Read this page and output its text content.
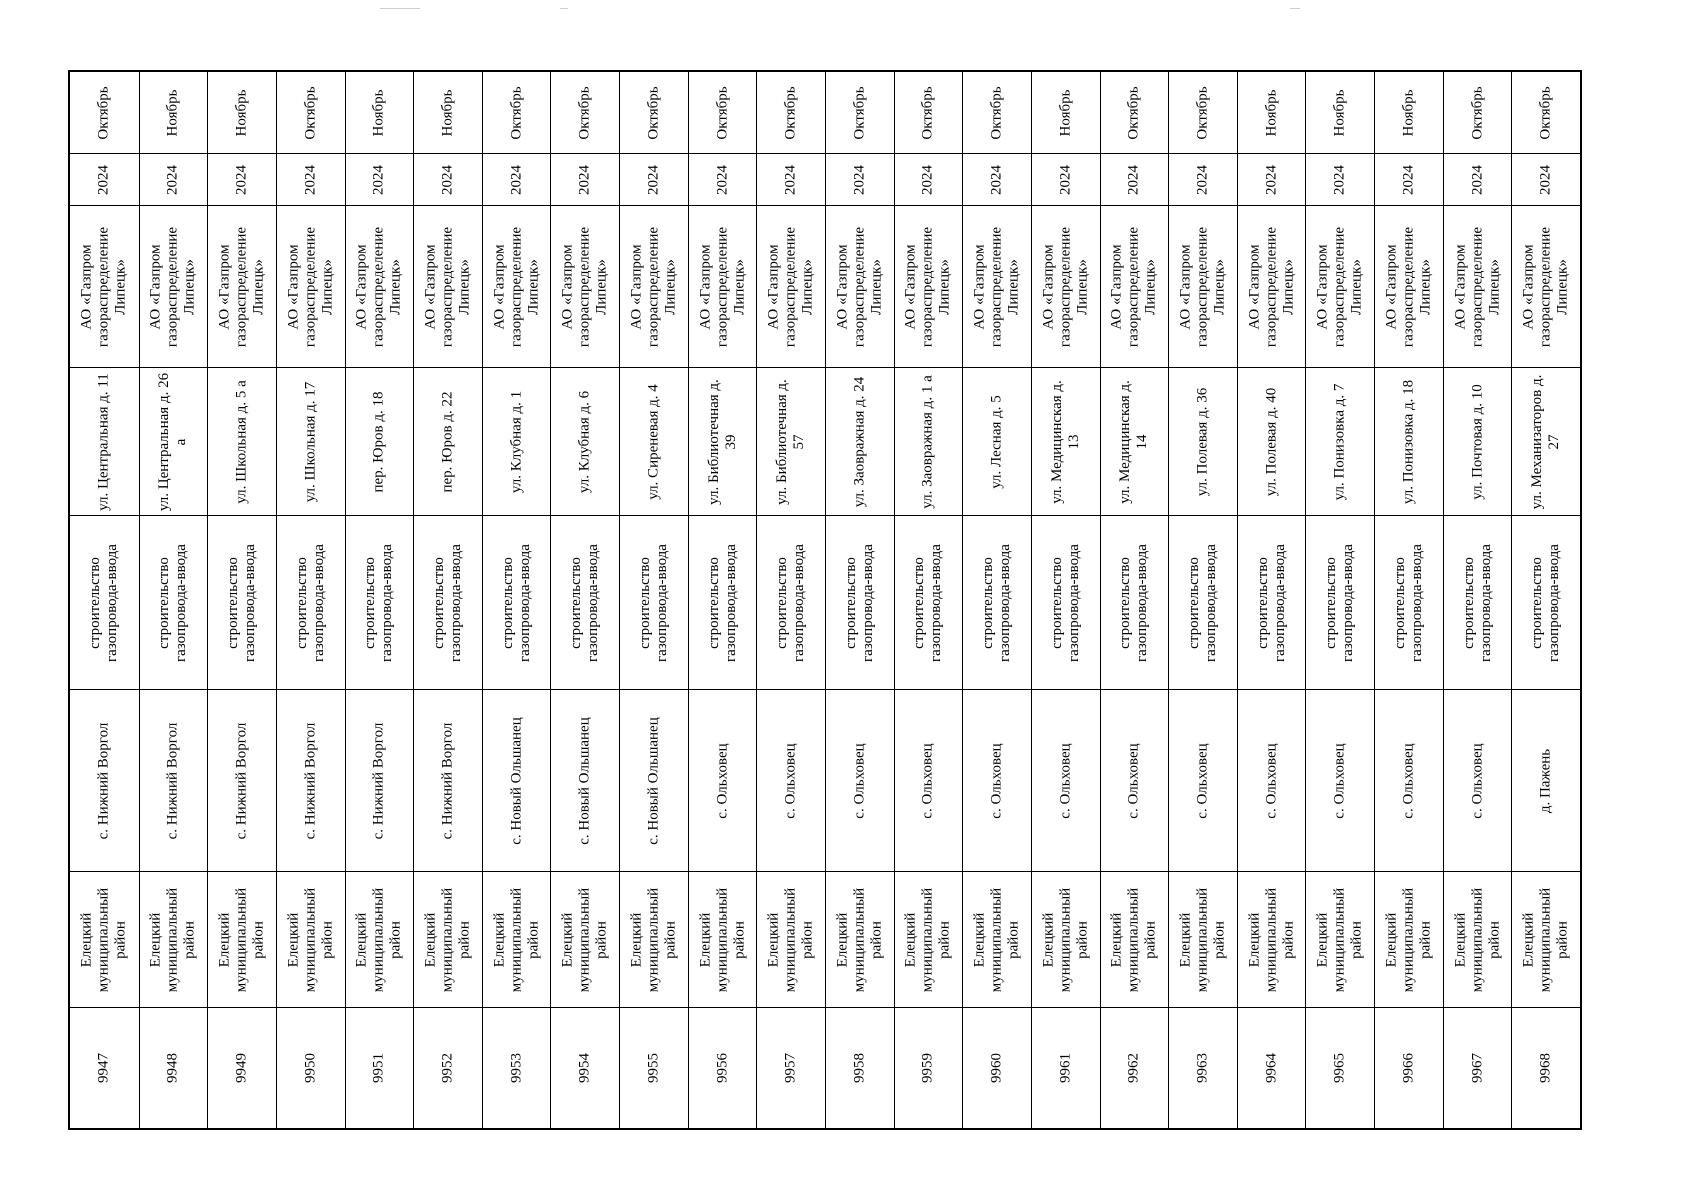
Октябрь
2024
АО «Газпром газораспределение Липецк»
ул. Центральная д. 11
строительство газопровода-ввода
с. Нижний Воргол
Елецкий муниципальный район
9947
Ноябрь
2024
АО «Газпром газораспределение Липецк»
ул. Центральная д. 26 а
строительство газопровода-ввода
с. Нижний Воргол
Елецкий муниципальный район
9948
Ноябрь
2024
АО «Газпром газораспределение Липецк»
ул. Школьная д. 5 а
строительство газопровода-ввода
с. Нижний Воргол
Елецкий муниципальный район
9949
Октябрь
2024
АО «Газпром газораспределение Липецк»
ул. Школьная д. 17
строительство газопровода-ввода
с. Нижний Воргол
Елецкий муниципальный район
9950
Ноябрь
2024
АО «Газпром газораспределение Липецк»
пер. Юров д. 18
строительство газопровода-ввода
с. Нижний Воргол
Елецкий муниципальный район
9951
Ноябрь
2024
АО «Газпром газораспределение Липецк»
пер. Юров д. 22
строительство газопровода-ввода
с. Нижний Воргол
Елецкий муниципальный район
9952
Октябрь
2024
АО «Газпром газораспределение Липецк»
ул. Клубная д. 1
строительство газопровода-ввода
с. Новый Ольшанец
Елецкий муниципальный район
9953
Октябрь
2024
АО «Газпром газораспределение Липецк»
ул. Клубная д. 6
строительство газопровода-ввода
с. Новый Ольшанец
Елецкий муниципальный район
9954
Октябрь
2024
АО «Газпром газораспределение Липецк»
ул. Сиреневая д. 4
строительство газопровода-ввода
с. Новый Ольшанец
Елецкий муниципальный район
9955
Октябрь
2024
АО «Газпром газораспределение Липецк»
ул. Библиотечная д. 39
строительство газопровода-ввода
с. Ольховец
Елецкий муниципальный район
9956
Октябрь
2024
АО «Газпром газораспределение Липецк»
ул. Библиотечная д. 57
строительство газопровода-ввода
с. Ольховец
Елецкий муниципальный район
9957
Октябрь
2024
АО «Газпром газораспределение Липецк»
ул. Заовражная д. 24
строительство газопровода-ввода
с. Ольховец
Елецкий муниципальный район
9958
Октябрь
2024
АО «Газпром газораспределение Липецк»
ул. Заовражная д. 1 а
строительство газопровода-ввода
с. Ольховец
Елецкий муниципальный район
9959
Октябрь
2024
АО «Газпром газораспределение Липецк»
ул. Лесная д. 5
строительство газопровода-ввода
с. Ольховец
Елецкий муниципальный район
9960
Ноябрь
2024
АО «Газпром газораспределение Липецк»
ул. Медицинская д. 13
строительство газопровода-ввода
с. Ольховец
Елецкий муниципальный район
9961
Октябрь
2024
АО «Газпром газораспределение Липецк»
ул. Медицинская д. 14
строительство газопровода-ввода
с. Ольховец
Елецкий муниципальный район
9962
Октябрь
2024
АО «Газпром газораспределение Липецк»
ул. Полевая д. 36
строительство газопровода-ввода
с. Ольховец
Елецкий муниципальный район
9963
Ноябрь
2024
АО «Газпром газораспределение Липецк»
ул. Полевая д. 40
строительство газопровода-ввода
с. Ольховец
Елецкий муниципальный район
9964
Ноябрь
2024
АО «Газпром газораспределение Липецк»
ул. Понизовка д. 7
строительство газопровода-ввода
с. Ольховец
Елецкий муниципальный район
9965
Ноябрь
2024
АО «Газпром газораспределение Липецк»
ул. Понизовка д. 18
строительство газопровода-ввода
с. Ольховец
Елецкий муниципальный район
9966
Октябрь
2024
АО «Газпром газораспределение Липецк»
ул. Почтовая д. 10
строительство газопровода-ввода
с. Ольховец
Елецкий муниципальный район
9967
Октябрь
2024
АО «Газпром газораспределение Липецк»
ул. Механизаторов д. 27
строительство газопровода-ввода
д. Пажень
Елецкий муниципальный район
9968
